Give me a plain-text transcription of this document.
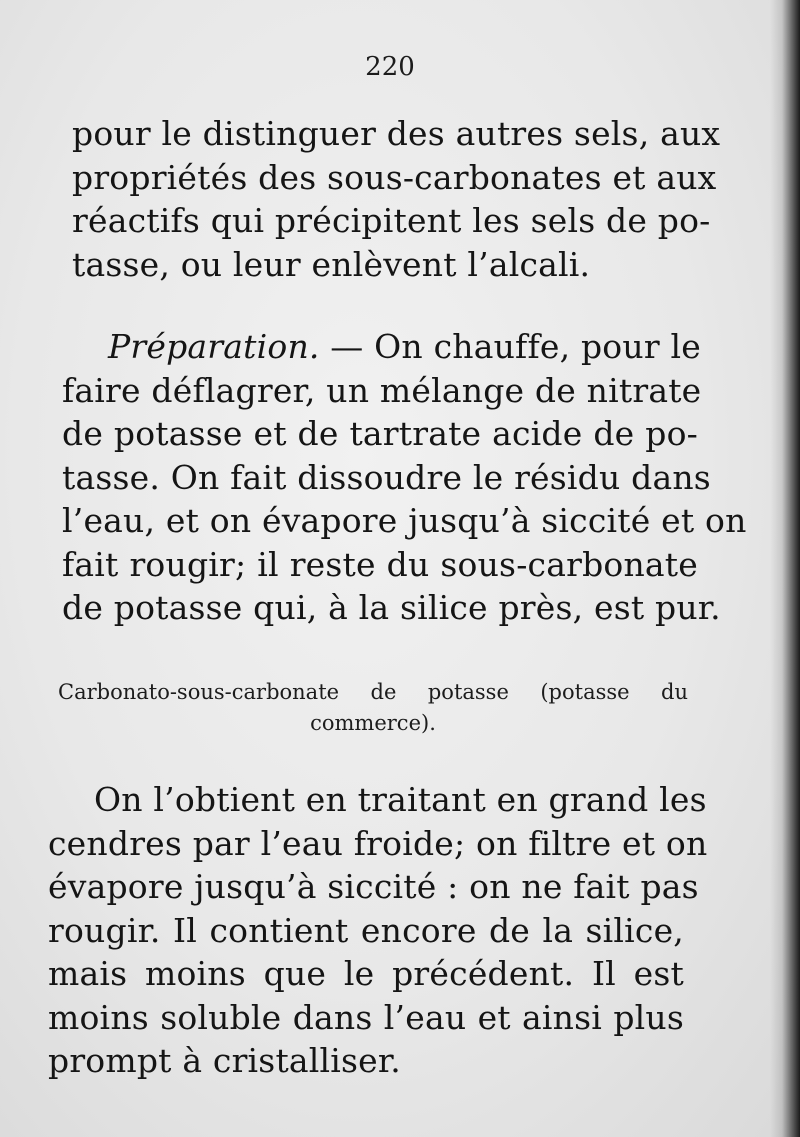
220
pour le distinguer des autres sels, aux
propriétés des sous-carbonates et aux
réactifs qui précipitent les sels de po-
tasse, ou leur enlèvent l’alcali.
Préparation. — On chauffe, pour le
faire déflagrer, un mélange de nitrate
de potasse et de tartrate acide de po-
tasse. On fait dissoudre le résidu dans
l’eau, et on évapore jusqu’à siccité et on
fait rougir; il reste du sous-carbonate
de potasse qui, à la silice près, est pur.
Carbonato-sous-carbonate de potasse (potasse du
commerce).
On l’obtient en traitant en grand les
cendres par l’eau froide; on filtre et on
évapore jusqu’à siccité : on ne fait pas
rougir. Il contient encore de la silice,
mais moins que le précédent. Il est
moins soluble dans l’eau et ainsi plus
prompt à cristalliser.
